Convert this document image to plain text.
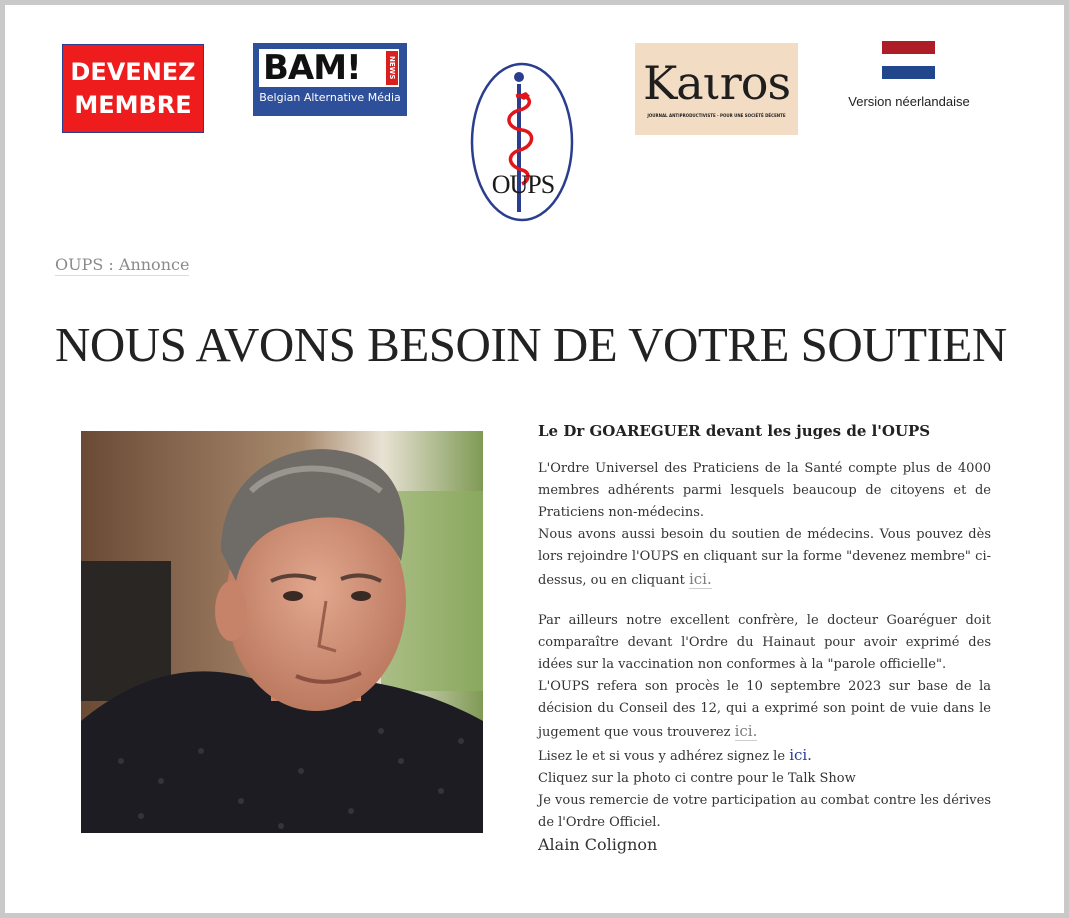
DEVENEZ
MEMBRE
BAM!	NEWS
Belgian Alternative Média
OUPS
Kaιros
JOURNAL ANTIPRODUCTIVISTE · POUR UNE SOCIÉTÉ DÉCENTE
Version néerlandaise
OUPS : Annonce
NOUS AVONS BESOIN DE VOTRE SOUTIEN

Le Dr GOAREGUER devant les juges de l'OUPS

L'Ordre Universel des Praticiens de la Santé compte plus de 4000 membres adhérents parmi lesquels beaucoup de citoyens et de Praticiens non-médecins.

Nous avons aussi besoin du soutien de médecins. Vous pouvez dès lors rejoindre l'OUPS en cliquant sur la forme "devenez membre" ci-dessus, ou en cliquant ici.

Par ailleurs notre excellent confrère, le docteur Goaréguer doit comparaître devant l'Ordre du Hainaut pour avoir exprimé des idées sur la vaccination non conformes à la "parole officielle".

L'OUPS refera son procès le 10 septembre 2023 sur base de la décision du Conseil des 12, qui a exprimé son point de vuie dans le jugement que vous trouverez ici.

Lisez le et si vous y adhérez signez le ici.

Cliquez sur la photo ci contre pour le Talk Show

Je vous remercie de votre participation au combat contre les dérives de l'Ordre Officiel.

Alain Colignon
